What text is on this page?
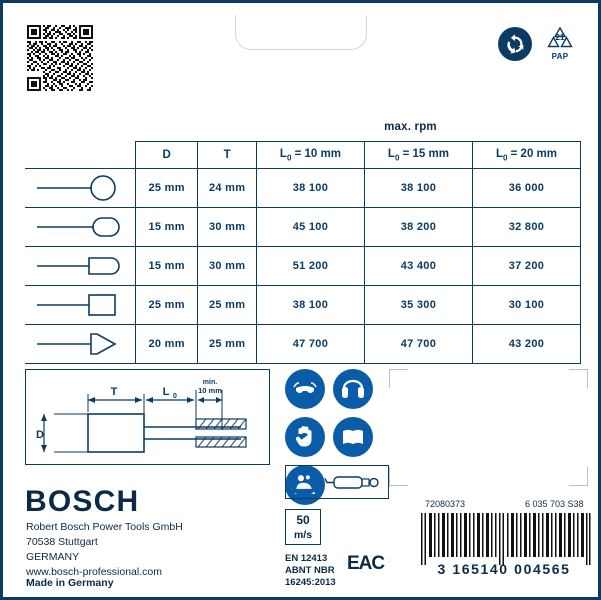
21
PAP
max. rpm
	D	T	$L_0 = 10$ mm	$L_0 = 15$ mm	$L_0 = 20$ mm

	25 mm	24 mm	38 100	38 100	36 000

	15 mm	30 mm	45 100	38 200	32 800

	15 mm	30 mm	51 200	43 400	37 200

	25 mm	25 mm	38 100	35 300	30 100

	20 mm	25 mm	47 700	47 700	43 200
T	L 0
min.
10 mm
D
BOSCH
Robert Bosch Power Tools GmbH
70538 Stuttgart
GERMANY
www.bosch-professional.com
Made in Germany
50
m/s
EN 12413
ABNT NBR
16245:2013
EAC
72080373	6 035 703 S38
3 165140 004565
